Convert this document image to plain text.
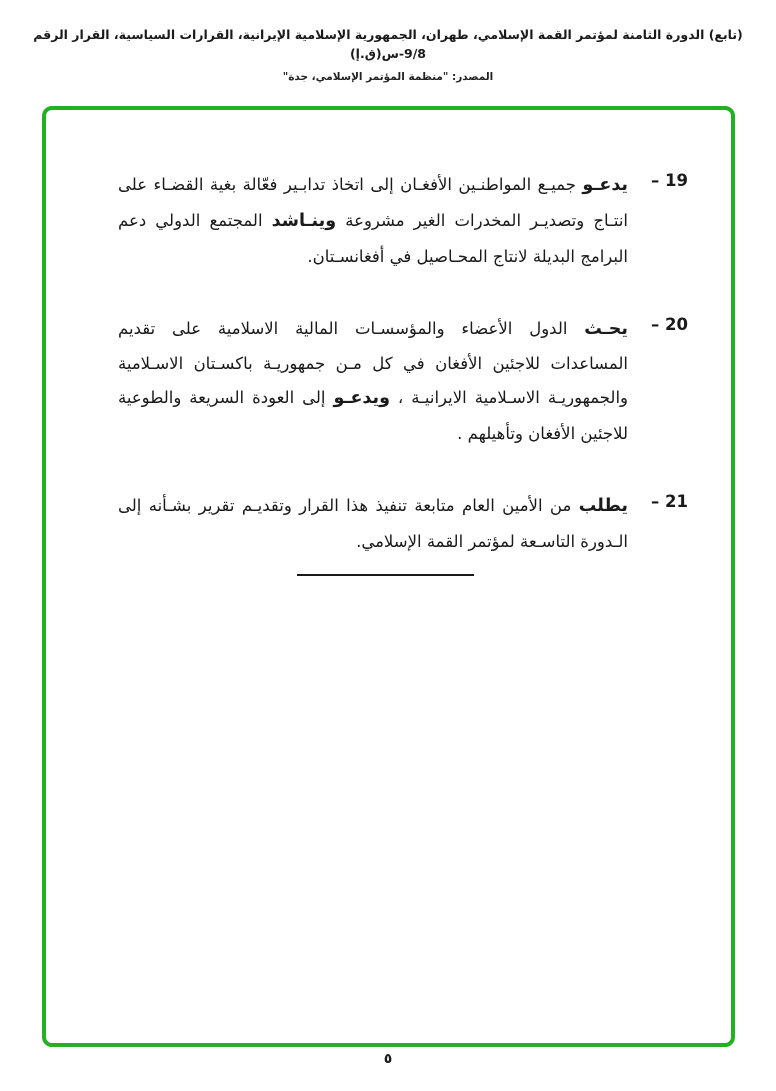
(تابع) الدورة الثامنة لمؤتمر القمة الإسلامي، طهران، الجمهورية الإسلامية الإيرانية، القرارات السياسية، القرار الرقم 9/8-س(ق.إ)
المصدر: "منظمة المؤتمر الإسلامي، جدة"
19 –
يدعـو جميـع المواطنـين الأفغـان إلى اتخاذ تدابـير فعّالة بغية القضـاء على انتـاج وتصديـر المخدرات الغير مشروعة وينـاشد المجتمع الدولي دعم البرامج البديلة لانتاج المحـاصيل في أفغانسـتان.
20 –
يحـث الدول الأعضاء والمؤسسـات المالية الاسلامية على تقديم المساعدات للاجئين الأفغان في كل مـن جمهوريـة باكسـتان الاسـلامية والجمهوريـة الاسـلامية الايرانيـة ، ويدعـو إلى العودة السريعة والطوعية للاجئين الأفغان وتأهيلهم .
21 –
يطلب من الأمين العام متابعة تنفيذ هذا القرار وتقديـم تقرير بشـأنه إلى الـدورة التاسـعة لمؤتمر القمة الإسلامي.
٥
